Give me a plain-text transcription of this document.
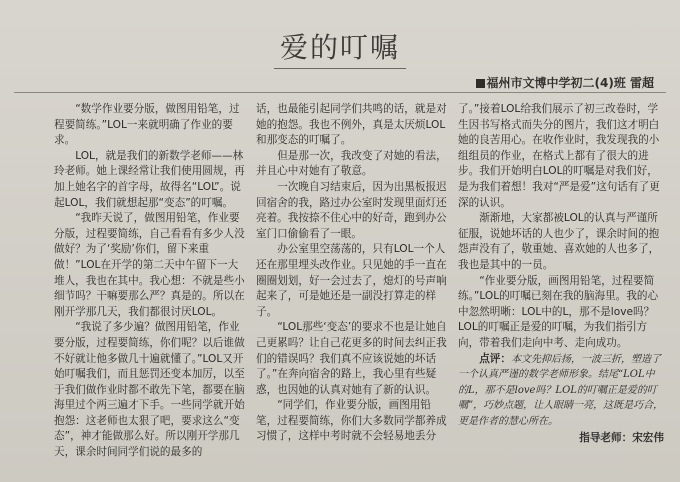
爱的叮嘱
福州市文博中学初二(4)班 雷超

“数学作业要分版，做图用铅笔，过程要简练。”LOL一来就明确了作业的要求。

LOL，就是我们的新数学老师——林玲老师。她上课经常让我们使用圆规，再加上她名字的首字母，故得名“LOL”。说起LOL，我们就想起那“变态”的叮嘱。

“我昨天说了，做图用铅笔，作业要分版，过程要简练，自己看看有多少人没做好？为了‘奖励’你们，留下来重做！”LOL在开学的第二天中午留下一大堆人，我也在其中。我心想：不就是些小细节吗？干嘛要那么严？真是的。所以在刚开学那几天，我们都很讨厌LOL。

“我说了多少遍？做图用铅笔，作业要分版，过程要简练，你们呢？以后谁做不好就让他多做几十遍就懂了。”LOL又开始叮嘱我们，而且惩罚还变本加厉，以至于我们做作业时都不敢先下笔，都要在脑海里过个两三遍才下手。一些同学就开始抱怨：这老师也太狠了吧，要求这么“变态”，神才能做那么好。所以刚开学那几天，课余时间同学们说的最多的

话，也最能引起同学们共鸣的话，就是对她的抱怨。我也不例外，真是太厌烦LOL和那变态的叮嘱了。

但是那一次，我改变了对她的看法，并且心中对她有了敬意。

一次晚自习结束后，因为出黑板报迟回宿舍的我，路过办公室时发现里面灯还亮着。我按捺不住心中的好奇，跑到办公室门口偷偷看了一眼。

办公室里空荡荡的，只有LOL一个人还在那里埋头改作业。只见她的手一直在圈圈划划，好一会过去了，熄灯的号声响起来了，可是她还是一副没打算走的样子。

“LOL那些‘变态’的要求不也是让她自己更累吗？让自己花更多的时间去纠正我们的错误吗？我们真不应该说她的坏话了。”在奔向宿舍的路上，我心里有些疑惑，也因她的认真对她有了新的认识。

“同学们，作业要分版，画图用铅笔，过程要简练，你们大多数同学都养成习惯了，这样中考时就不会轻易地丢分

了。”接着LOL给我们展示了初三改卷时，学生因书写格式而失分的图片，我们这才明白她的良苦用心。在收作业时，我发现我的小组组员的作业，在格式上都有了很大的进步。我们开始明白LOL的叮嘱是对我们好，是为我们着想！我对“严是爱”这句话有了更深的认识。

渐渐地，大家都被LOL的认真与严谨所征服，说她坏话的人也少了，课余时间的抱怨声没有了，敬重她、喜欢她的人也多了，我也是其中的一员。

“作业要分版，画图用铅笔，过程要简练。”LOL的叮嘱已刻在我的脑海里。我的心中忽然明晰：LOL中的L，那不是love吗？LOL的叮嘱正是爱的叮嘱，为我们指引方向，带着我们走向中考、走向成功。

点评：本文先抑后扬，一波三折，塑造了一个认真严谨的数学老师形象。结尾“LOL中的L，那不是love吗？LOL的叮嘱正是爱的叮嘱”，巧妙点题，让人眼睛一亮，这既是巧合，更是作者的慧心所在。

指导老师：宋宏伟
